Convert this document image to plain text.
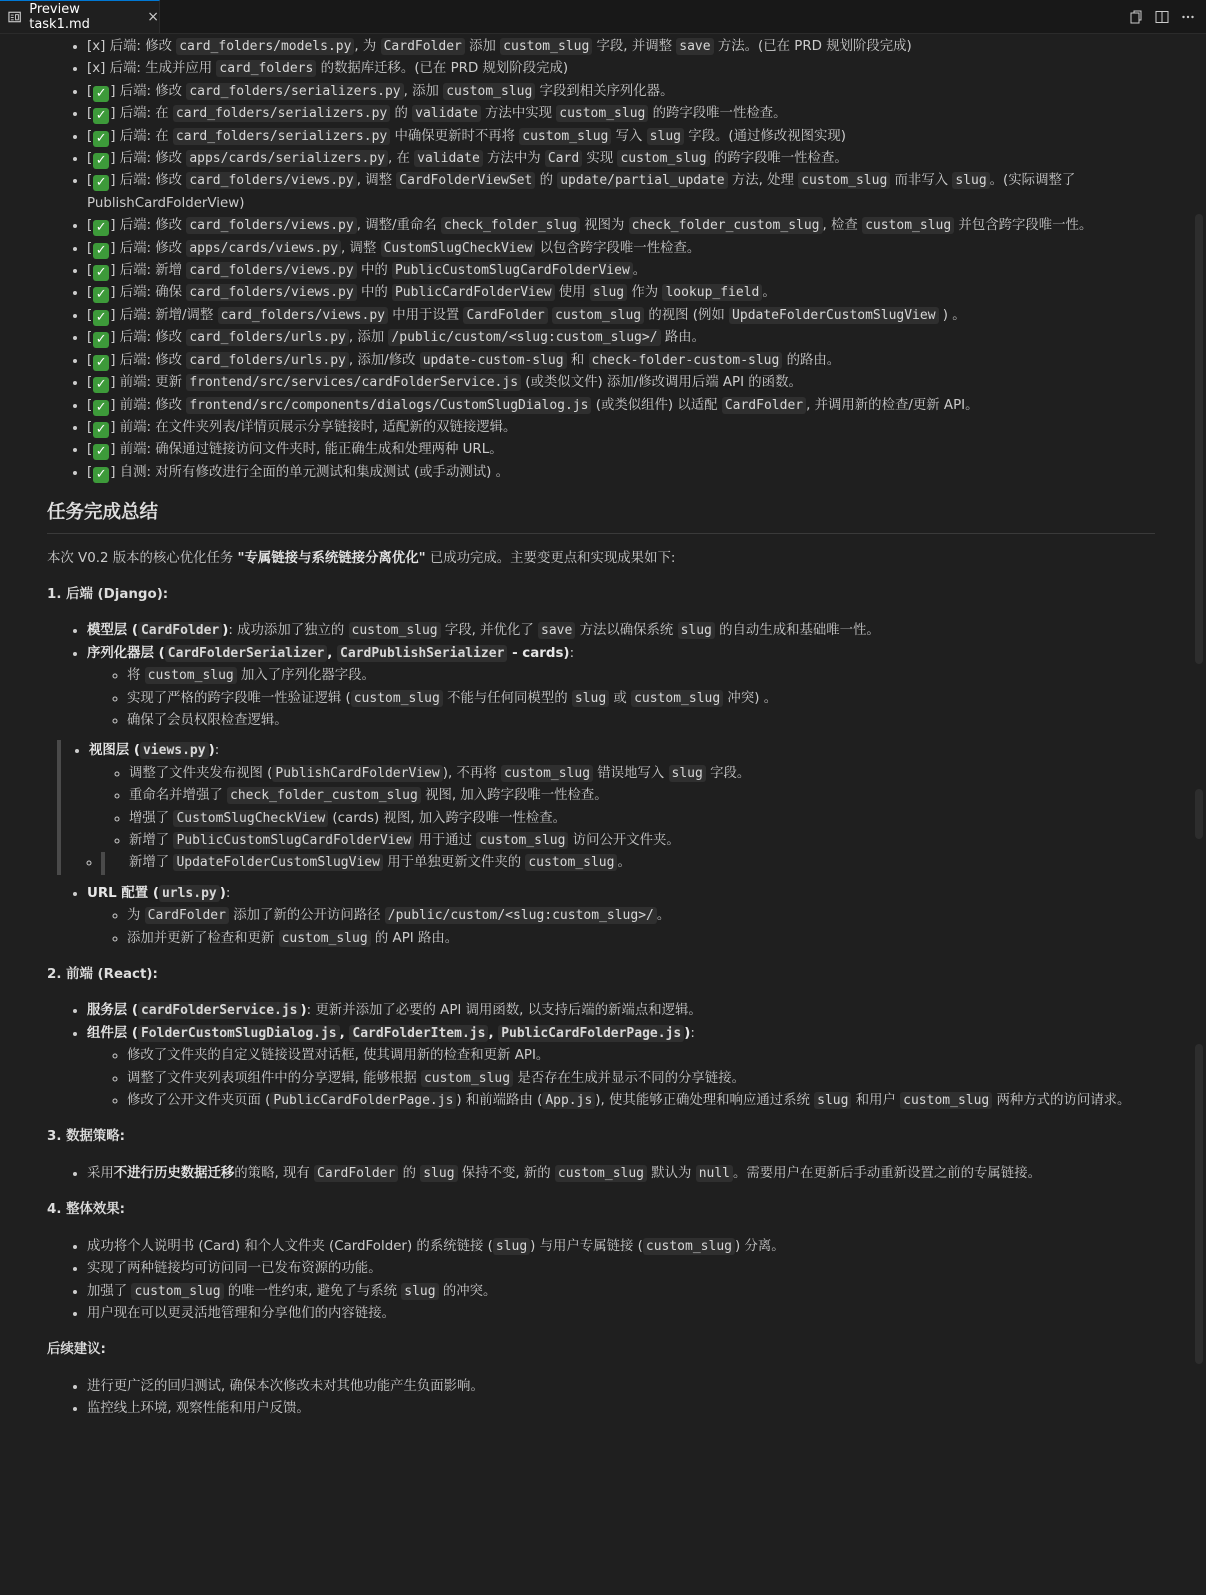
Preview task1.md	×
• [x] 后端: 修改 card_folders/models.py , 为 CardFolder 添加 custom_slug 字段, 并调整 save 方法。(已在 PRD 规划阶段完成)
• [x] 后端: 生成并应用 card_folders 的数据库迁移。(已在 PRD 规划阶段完成)
• [ ✓ ] 后端: 修改 card_folders/serializers.py , 添加 custom_slug 字段到相关序列化器。
• [ ✓ ] 后端: 在 card_folders/serializers.py 的 validate 方法中实现 custom_slug 的跨字段唯一性检查。
• [ ✓ ] 后端: 在 card_folders/serializers.py 中确保更新时不再将 custom_slug 写入 slug 字段。(通过修改视图实现)
• [ ✓ ] 后端: 修改 apps/cards/serializers.py , 在 validate 方法中为 Card 实现 custom_slug 的跨字段唯一性检查。
• [ ✓ ] 后端: 修改 card_folders/views.py , 调整 CardFolderViewSet 的 update/partial_update 方法, 处理 custom_slug 而非写入 slug 。(实际调整了 PublishCardFolderView)
• [ ✓ ] 后端: 修改 card_folders/views.py , 调整/重命名 check_folder_slug 视图为 check_folder_custom_slug , 检查 custom_slug 并包含跨字段唯一性。
• [ ✓ ] 后端: 修改 apps/cards/views.py , 调整 CustomSlugCheckView 以包含跨字段唯一性检查。
• [ ✓ ] 后端: 新增 card_folders/views.py 中的 PublicCustomSlugCardFolderView 。
• [ ✓ ] 后端: 确保 card_folders/views.py 中的 PublicCardFolderView 使用 slug 作为 lookup_field 。
• [ ✓ ] 后端: 新增/调整 card_folders/views.py 中用于设置 CardFolder custom_slug 的视图 (例如 UpdateFolderCustomSlugView ) 。
• [ ✓ ] 后端: 修改 card_folders/urls.py , 添加 /public/custom/<slug:custom_slug>/ 路由。
• [ ✓ ] 后端: 修改 card_folders/urls.py , 添加/修改 update-custom-slug 和 check-folder-custom-slug 的路由。
• [ ✓ ] 前端: 更新 frontend/src/services/cardFolderService.js (或类似文件) 添加/修改调用后端 API 的函数。
• [ ✓ ] 前端: 修改 frontend/src/components/dialogs/CustomSlugDialog.js (或类似组件) 以适配 CardFolder , 并调用新的检查/更新 API。
• [ ✓ ] 前端: 在文件夹列表/详情页展示分享链接时, 适配新的双链接逻辑。
• [ ✓ ] 前端: 确保通过链接访问文件夹时, 能正确生成和处理两种 URL。
• [ ✓ ] 自测: 对所有修改进行全面的单元测试和集成测试 (或手动测试) 。
任务完成总结

本次 V0.2 版本的核心优化任务 "专属链接与系统链接分离优化" 已成功完成。主要变更点和实现成果如下:

1. 后端 (Django):

• 模型层 ( CardFolder ): 成功添加了独立的 custom_slug 字段, 并优化了 save 方法以确保系统 slug 的自动生成和基础唯一性。
• 序列化器层 ( CardFolderSerializer , CardPublishSerializer - cards):
◦ 将 custom_slug 加入了序列化器字段。
◦ 实现了严格的跨字段唯一性验证逻辑 ( custom_slug 不能与任何同模型的 slug 或 custom_slug 冲突) 。
◦ 确保了会员权限检查逻辑。
• 视图层 ( views.py ):
◦ 调整了文件夹发布视图 ( PublishCardFolderView ), 不再将 custom_slug 错误地写入 slug 字段。
◦ 重命名并增强了 check_folder_custom_slug 视图, 加入跨字段唯一性检查。
◦ 增强了 CustomSlugCheckView (cards) 视图, 加入跨字段唯一性检查。
◦ 新增了 PublicCustomSlugCardFolderView 用于通过 custom_slug 访问公开文件夹。
◦ 新增了 UpdateFolderCustomSlugView 用于单独更新文件夹的 custom_slug 。
• URL 配置 ( urls.py ):
◦ 为 CardFolder 添加了新的公开访问路径 /public/custom/<slug:custom_slug>/ 。
◦ 添加并更新了检查和更新 custom_slug 的 API 路由。

2. 前端 (React):

• 服务层 ( cardFolderService.js ): 更新并添加了必要的 API 调用函数, 以支持后端的新端点和逻辑。
• 组件层 ( FolderCustomSlugDialog.js , CardFolderItem.js , PublicCardFolderPage.js ):
◦ 修改了文件夹的自定义链接设置对话框, 使其调用新的检查和更新 API。
◦ 调整了文件夹列表项组件中的分享逻辑, 能够根据 custom_slug 是否存在生成并显示不同的分享链接。
◦ 修改了公开文件夹页面 ( PublicCardFolderPage.js ) 和前端路由 ( App.js ), 使其能够正确处理和响应通过系统 slug 和用户 custom_slug 两种方式的访问请求。

3. 数据策略:

• 采用不进行历史数据迁移的策略, 现有 CardFolder 的 slug 保持不变, 新的 custom_slug 默认为 null 。需要用户在更新后手动重新设置之前的专属链接。

4. 整体效果:

• 成功将个人说明书 (Card) 和个人文件夹 (CardFolder) 的系统链接 ( slug ) 与用户专属链接 ( custom_slug ) 分离。
• 实现了两种链接均可访问同一已发布资源的功能。
• 加强了 custom_slug 的唯一性约束, 避免了与系统 slug 的冲突。
• 用户现在可以更灵活地管理和分享他们的内容链接。

后续建议:

• 进行更广泛的回归测试, 确保本次修改未对其他功能产生负面影响。
• 监控线上环境, 观察性能和用户反馈。
